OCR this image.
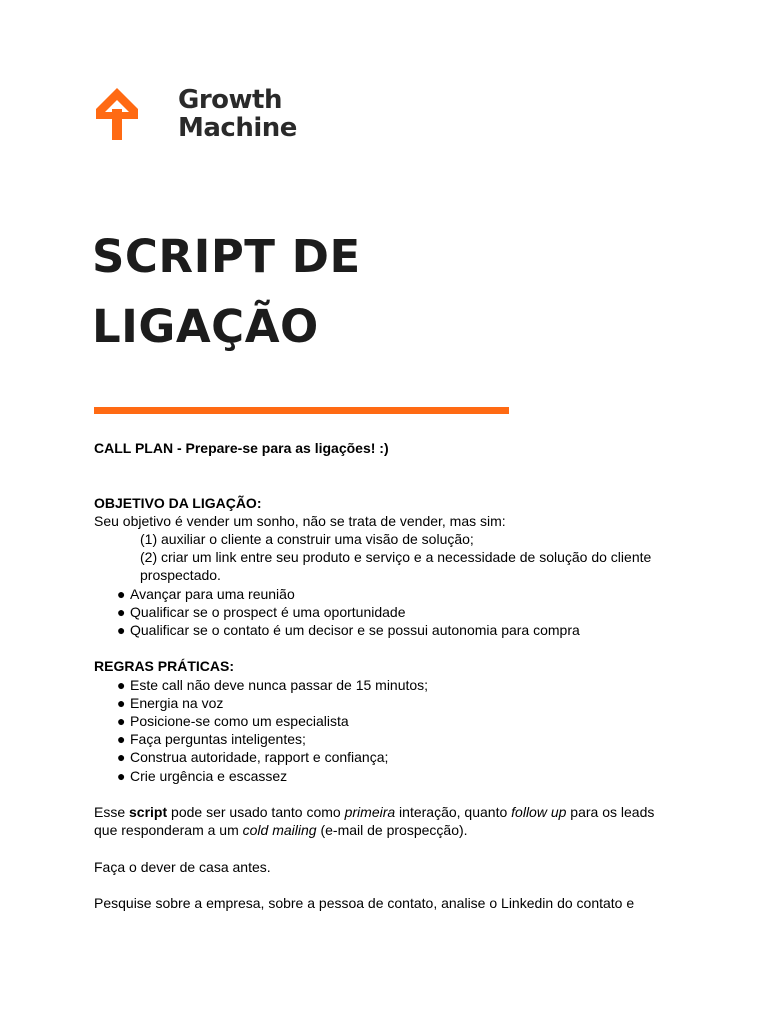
Growth
Machine
SCRIPT DE
LIGAÇÃO

CALL PLAN - Prepare-se para as ligações! :)

OBJETIVO DA LIGAÇÃO:

Seu objetivo é vender um sonho, não se trata de vender, mas sim:

(1) auxiliar o cliente a construir uma visão de solução;

(2) criar um link entre seu produto e serviço e a necessidade de solução do cliente

prospectado.

● Avançar para uma reunião
● Qualificar se o prospect é uma oportunidade
● Qualificar se o contato é um decisor e se possui autonomia para compra

REGRAS PRÁTICAS:

● Este call não deve nunca passar de 15 minutos;
● Energia na voz
● Posicione-se como um especialista
● Faça perguntas inteligentes;
● Construa autoridade, rapport e confiança;
● Crie urgência e escassez

Esse script pode ser usado tanto como primeira interação, quanto follow up para os leads
que responderam a um cold mailing (e-mail de prospecção).

Faça o dever de casa antes.

Pesquise sobre a empresa, sobre a pessoa de contato, analise o Linkedin do contato e
